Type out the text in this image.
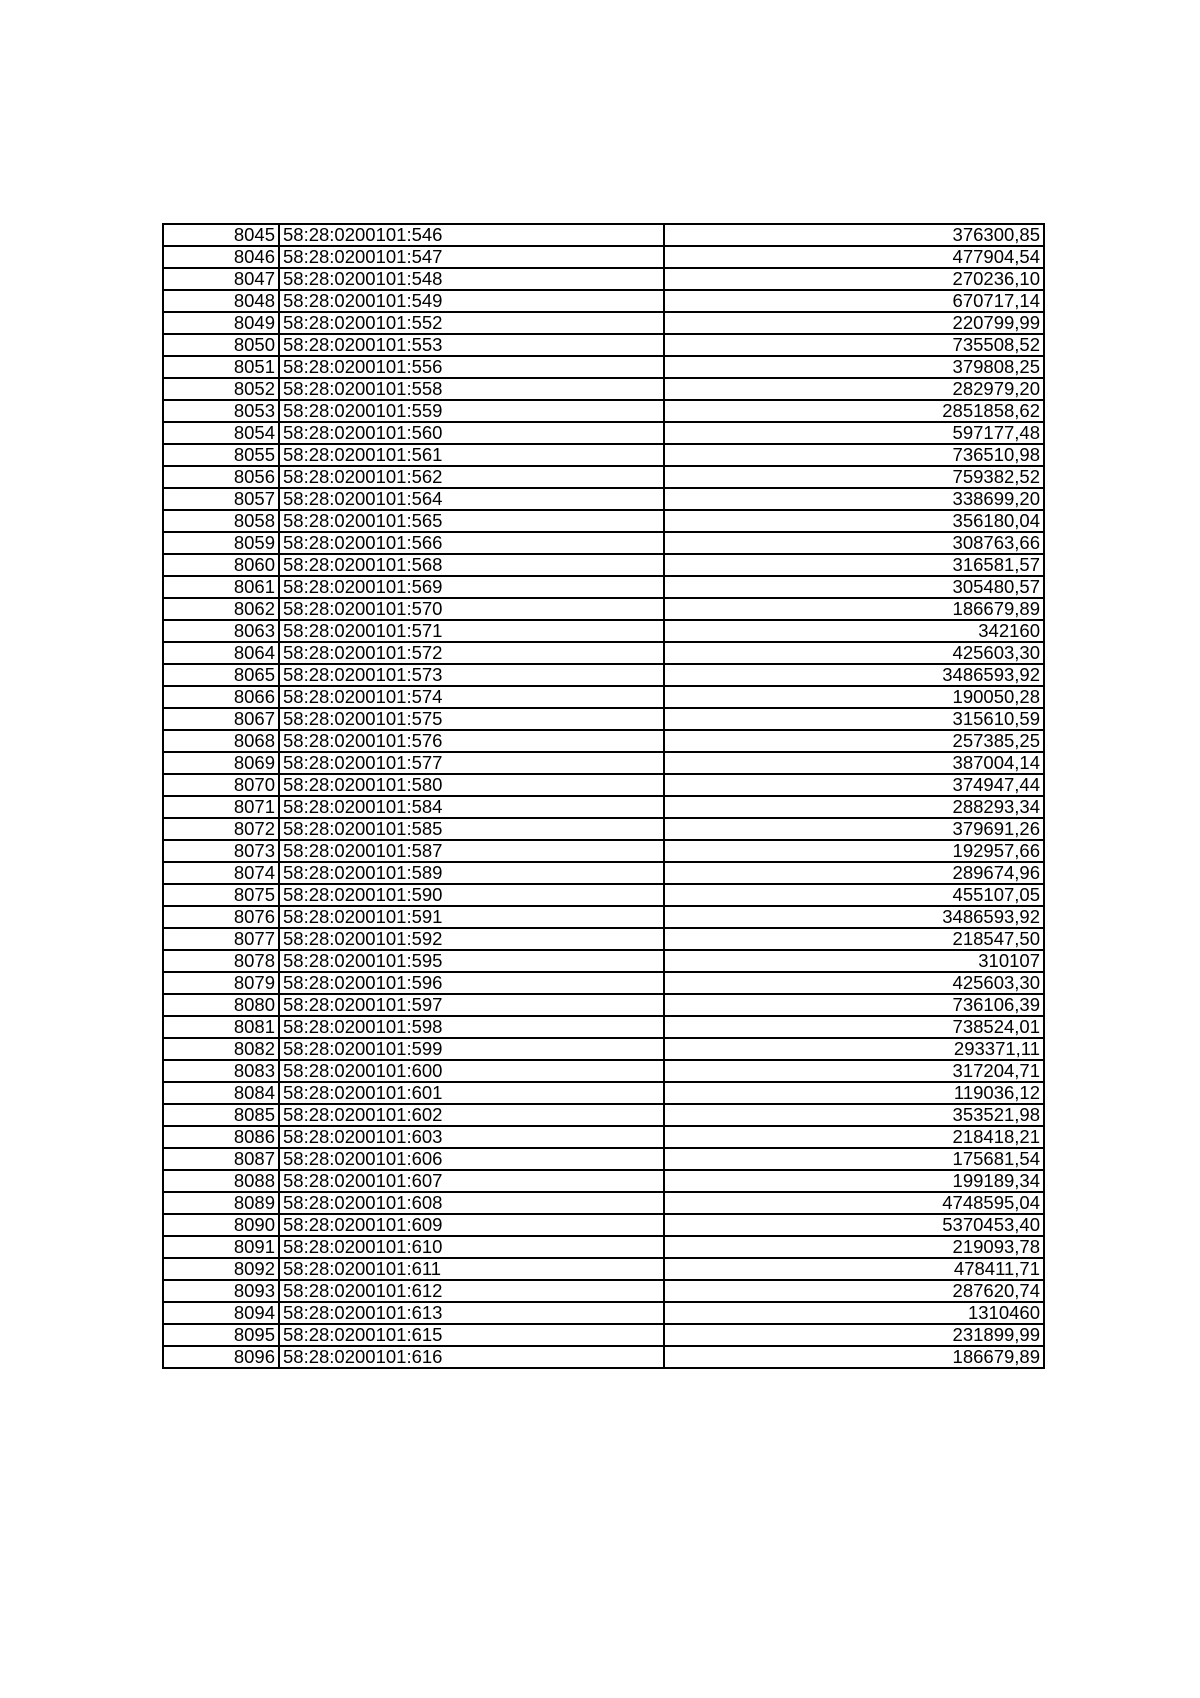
8045	58:28:0200101:546	376300,85
8046	58:28:0200101:547	477904,54
8047	58:28:0200101:548	270236,10
8048	58:28:0200101:549	670717,14
8049	58:28:0200101:552	220799,99
8050	58:28:0200101:553	735508,52
8051	58:28:0200101:556	379808,25
8052	58:28:0200101:558	282979,20
8053	58:28:0200101:559	2851858,62
8054	58:28:0200101:560	597177,48
8055	58:28:0200101:561	736510,98
8056	58:28:0200101:562	759382,52
8057	58:28:0200101:564	338699,20
8058	58:28:0200101:565	356180,04
8059	58:28:0200101:566	308763,66
8060	58:28:0200101:568	316581,57
8061	58:28:0200101:569	305480,57
8062	58:28:0200101:570	186679,89
8063	58:28:0200101:571	342160
8064	58:28:0200101:572	425603,30
8065	58:28:0200101:573	3486593,92
8066	58:28:0200101:574	190050,28
8067	58:28:0200101:575	315610,59
8068	58:28:0200101:576	257385,25
8069	58:28:0200101:577	387004,14
8070	58:28:0200101:580	374947,44
8071	58:28:0200101:584	288293,34
8072	58:28:0200101:585	379691,26
8073	58:28:0200101:587	192957,66
8074	58:28:0200101:589	289674,96
8075	58:28:0200101:590	455107,05
8076	58:28:0200101:591	3486593,92
8077	58:28:0200101:592	218547,50
8078	58:28:0200101:595	310107
8079	58:28:0200101:596	425603,30
8080	58:28:0200101:597	736106,39
8081	58:28:0200101:598	738524,01
8082	58:28:0200101:599	293371,11
8083	58:28:0200101:600	317204,71
8084	58:28:0200101:601	119036,12
8085	58:28:0200101:602	353521,98
8086	58:28:0200101:603	218418,21
8087	58:28:0200101:606	175681,54
8088	58:28:0200101:607	199189,34
8089	58:28:0200101:608	4748595,04
8090	58:28:0200101:609	5370453,40
8091	58:28:0200101:610	219093,78
8092	58:28:0200101:611	478411,71
8093	58:28:0200101:612	287620,74
8094	58:28:0200101:613	1310460
8095	58:28:0200101:615	231899,99
8096	58:28:0200101:616	186679,89
